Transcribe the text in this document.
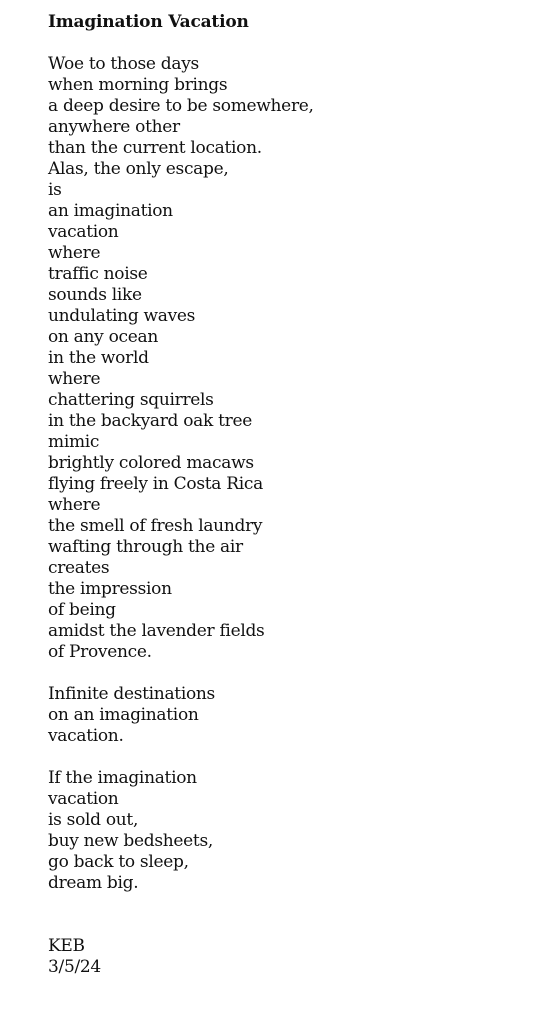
Imagination Vacation
Woe to those days
when morning brings
a deep desire to be somewhere,
anywhere other
than the current location.
Alas, the only escape,
is
an imagination
vacation
where
traffic noise
sounds like
undulating waves
on any ocean
in the world
where
chattering squirrels
in the backyard oak tree
mimic
brightly colored macaws
flying freely in Costa Rica
where
the smell of fresh laundry
wafting through the air
creates
the impression
of being
amidst the lavender fields
of Provence.
Infinite destinations
on an imagination
vacation.
If the imagination
vacation
is sold out,
buy new bedsheets,
go back to sleep,
dream big.
KEB
3/5/24
